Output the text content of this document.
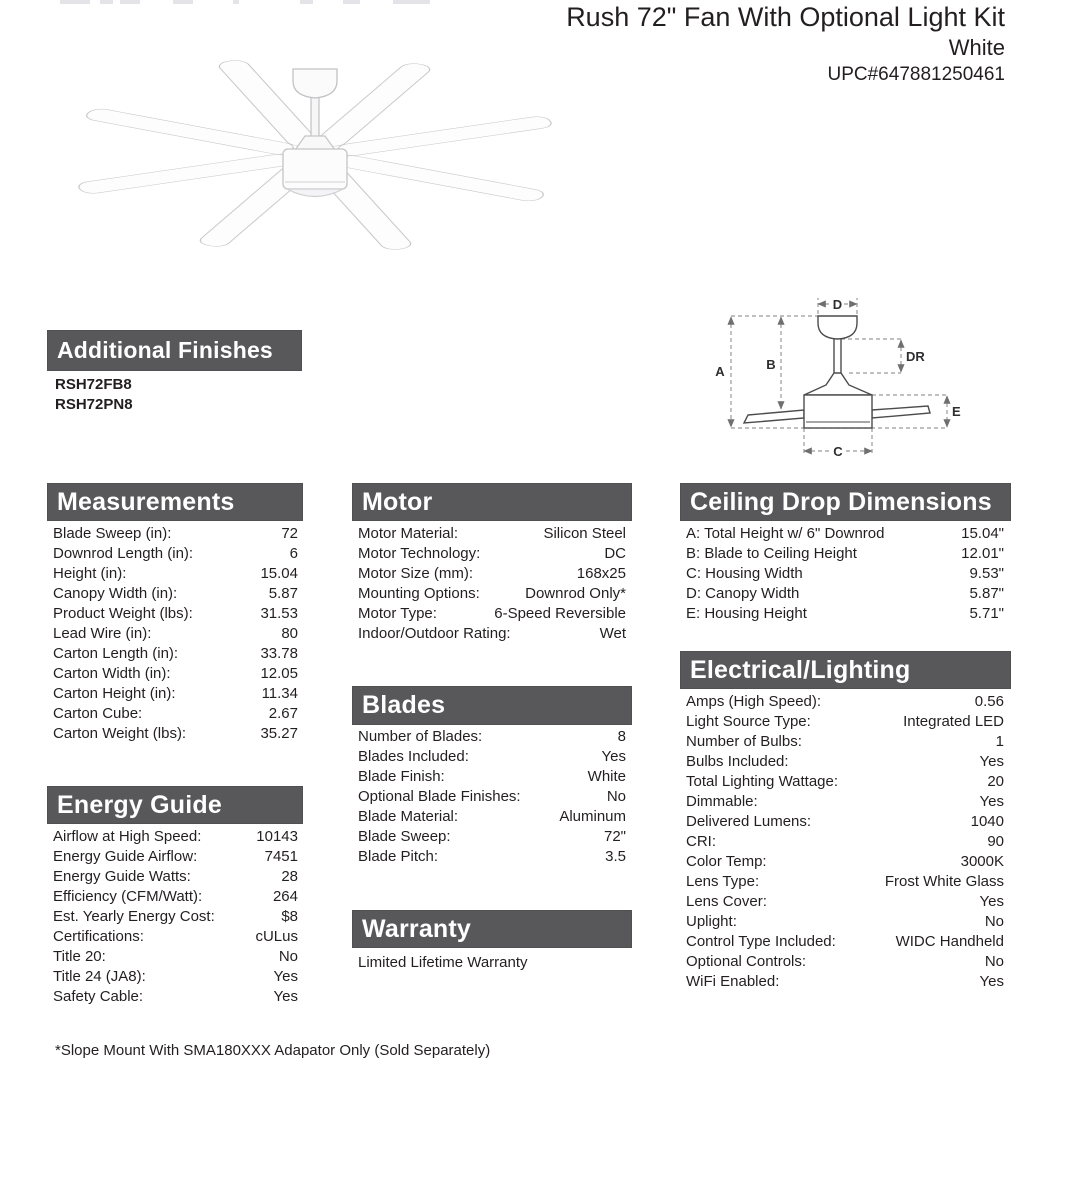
Rush 72" Fan With Optional Light Kit
White
UPC#647881250461
Additional Finishes
RSH72FB8
RSH72PN8
A	B
C
D
DR
E
Measurements
Blade Sweep (in):	72
Downrod Length (in):	6
Height (in):	15.04
Canopy Width (in):	5.87
Product Weight (lbs):	31.53
Lead Wire (in):	80
Carton Length (in):	33.78
Carton Width (in):	12.05
Carton Height (in):	11.34
Carton Cube:	2.67
Carton Weight (lbs):	35.27
Energy Guide
Airflow at High Speed:	10143
Energy Guide Airflow:	7451
Energy Guide Watts:	28
Efficiency (CFM/Watt):	264
Est. Yearly Energy Cost:	$8
Certifications:	cULus
Title 20:	No
Title 24 (JA8):	Yes
Safety Cable:	Yes
Motor
Motor Material:	Silicon Steel
Motor Technology:	DC
Motor Size (mm):	168x25
Mounting Options:	Downrod Only*
Motor Type:	6-Speed Reversible
Indoor/Outdoor Rating:	Wet
Blades
Number of Blades:	8
Blades Included:	Yes
Blade Finish:	White
Optional Blade Finishes:	No
Blade Material:	Aluminum
Blade Sweep:	72"
Blade Pitch:	3.5
Warranty
Limited Lifetime Warranty
Ceiling Drop Dimensions
A: Total Height w/ 6" Downrod	15.04"
B: Blade to Ceiling Height	12.01"
C: Housing Width	9.53"
D: Canopy Width	5.87"
E: Housing Height	5.71"
Electrical/Lighting
Amps (High Speed):	0.56
Light Source Type:	Integrated LED
Number of Bulbs:	1
Bulbs Included:	Yes
Total Lighting Wattage:	20
Dimmable:	Yes
Delivered Lumens:	1040
CRI:	90
Color Temp:	3000K
Lens Type:	Frost White Glass
Lens Cover:	Yes
Uplight:	No
Control Type Included:	WIDC Handheld
Optional Controls:	No
WiFi Enabled:	Yes
*Slope Mount With SMA180XXX Adapator Only (Sold Separately)
